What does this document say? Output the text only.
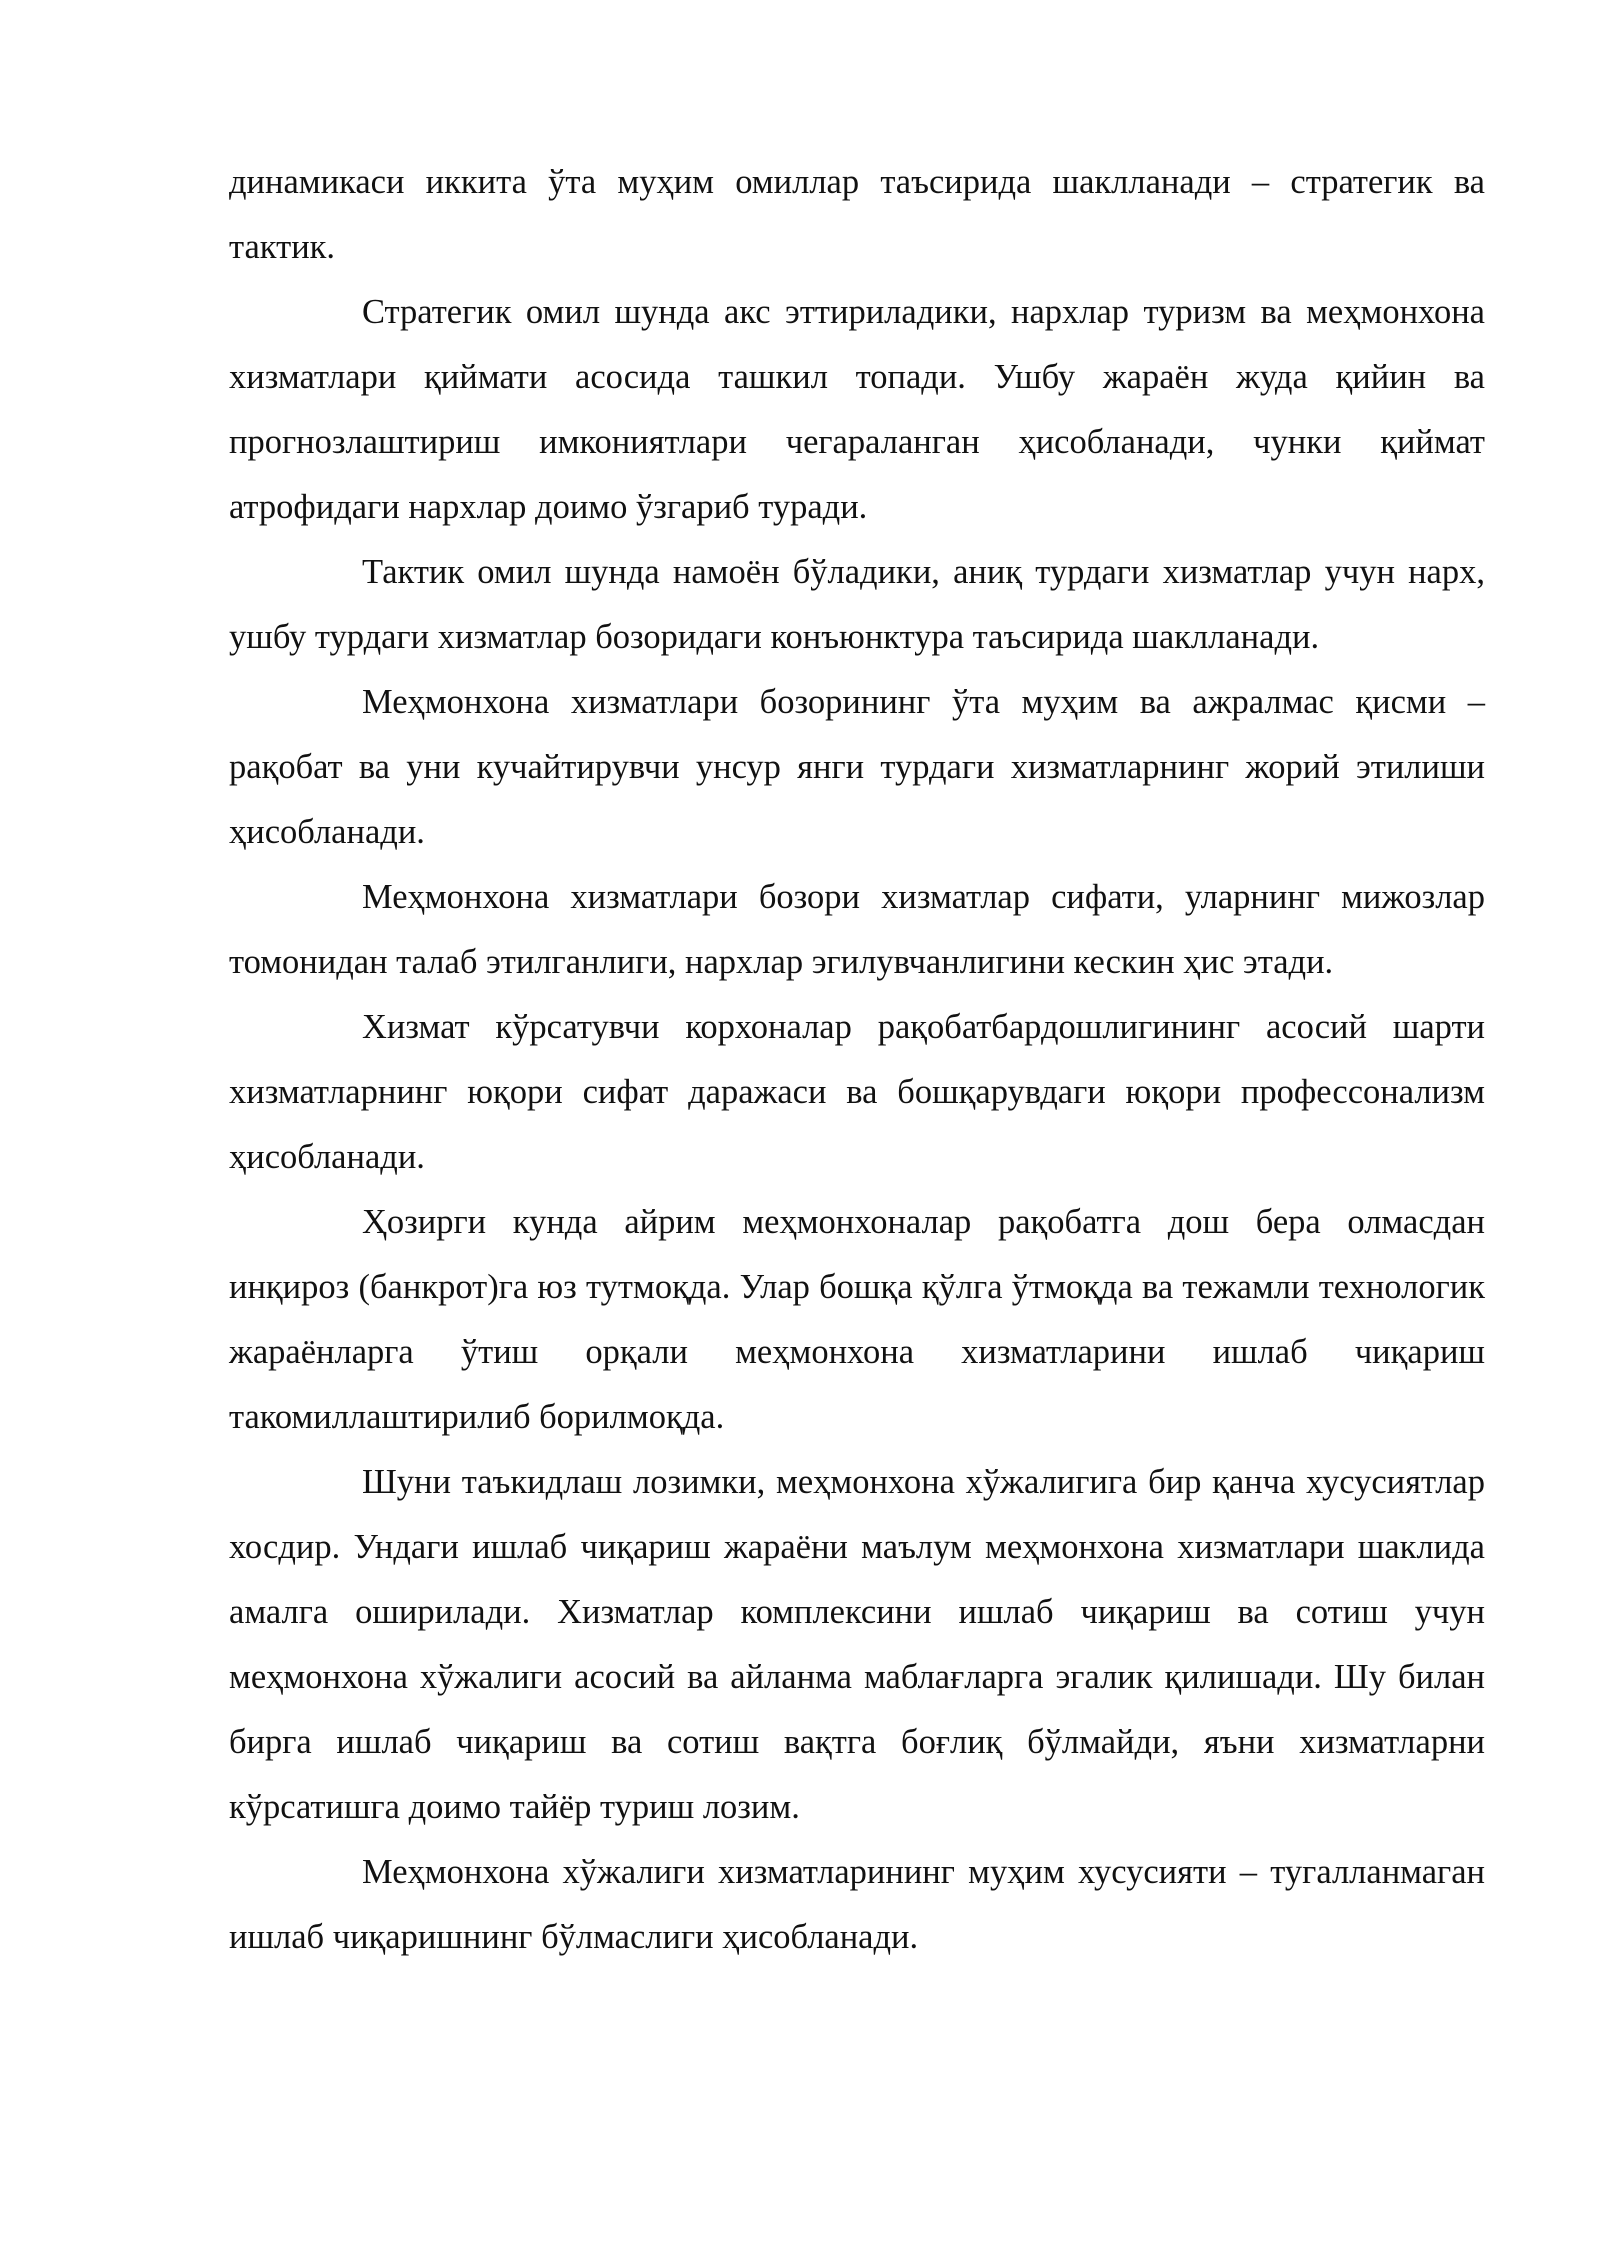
динамикаси иккита ўта муҳим омиллар таъсирида шаклланади – стратегик ва тактик.

Стратегик омил шунда акс эттириладики, нархлар туризм ва меҳмонхона хизматлари қиймати асосида ташкил топади. Ушбу жараён жуда қийин ва прогнозлаштириш имкониятлари чегараланган ҳисобланади, чунки қиймат атрофидаги нархлар доимо ўзгариб туради.

Тактик омил шунда намоён бўладики, аниқ турдаги хизматлар учун нарх, ушбу турдаги хизматлар бозоридаги конъюнктура таъсирида шаклланади.

Меҳмонхона хизматлари бозорининг ўта муҳим ва ажралмас қисми – рақобат ва уни кучайтирувчи унсур янги турдаги хизматларнинг жорий этилиши ҳисобланади.

Меҳмонхона хизматлари бозори хизматлар сифати, уларнинг мижозлар томонидан талаб этилганлиги, нархлар эгилувчанлигини кескин ҳис этади.

Хизмат кўрсатувчи корхоналар рақобатбардошлигининг асосий шарти     хизматларнинг юқори сифат даражаси ва бошқарувдаги юқори профессонализм ҳисобланади.

Ҳозирги кунда айрим меҳмонхоналар рақобатга дош бера олмасдан инқироз (банкрот)га юз тутмоқда. Улар бошқа қўлга ўтмоқда ва тежамли технологик жараёнларга ўтиш орқали меҳмонхона хизматларини ишлаб чиқариш такомиллаштирилиб борилмоқда.

Шуни таъкидлаш лозимки, меҳмонхона хўжалигига бир қанча хусусиятлар хосдир. Ундаги ишлаб чиқариш жараёни маълум меҳмонхона хизматлари шаклида амалга оширилади. Хизматлар комплексини ишлаб чиқариш ва сотиш учун меҳмонхона хўжалиги асосий ва айланма маблағларга эгалик қилишади. Шу билан бирга ишлаб чиқариш ва сотиш вақтга боғлиқ бўлмайди, яъни хизматларни кўрсатишга доимо тайёр туриш лозим.

Меҳмонхона хўжалиги хизматларининг муҳим хусусияти – тугалланмаган ишлаб чиқаришнинг бўлмаслиги ҳисобланади.
